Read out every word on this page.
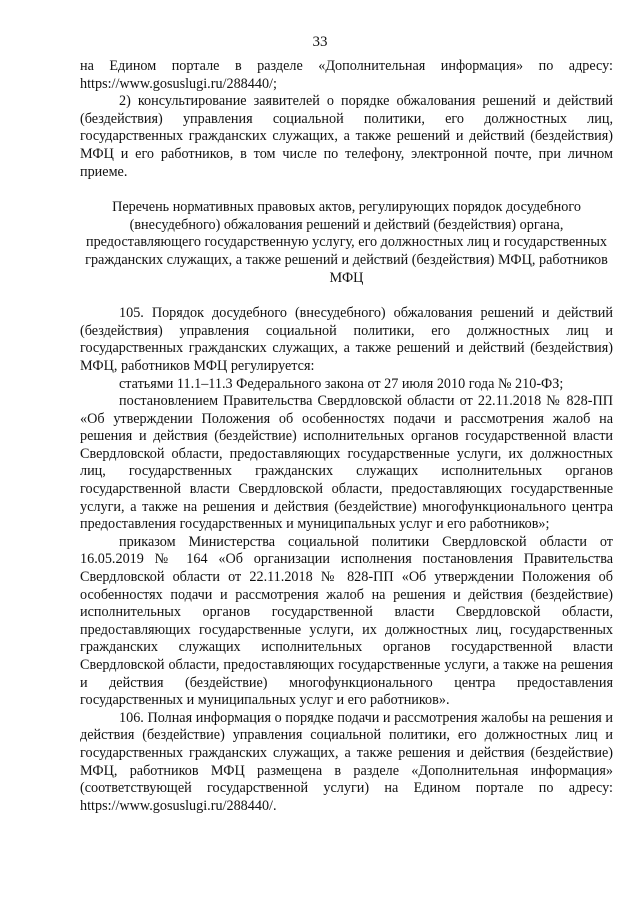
33

на Едином портале в разделе «Дополнительная информация» по адресу: https://www.gosuslugi.ru/288440/;

2) консультирование заявителей о порядке обжалования решений и действий (бездействия) управления социальной политики, его должностных лиц, государственных гражданских служащих, а также решений и действий (бездействия) МФЦ и его работников, в том числе по телефону, электронной почте, при личном приеме.

Перечень нормативных правовых актов, регулирующих порядок досудебного (внесудебного) обжалования решений и действий (бездействия) органа, предоставляющего государственную услугу, его должностных лиц и государственных гражданских служащих, а также решений и действий (бездействия) МФЦ, работников МФЦ

105. Порядок досудебного (внесудебного) обжалования решений и действий (бездействия) управления социальной политики, его должностных лиц и государственных гражданских служащих, а также решений и действий (бездействия) МФЦ, работников МФЦ регулируется:

статьями 11.1–11.3 Федерального закона от 27 июля 2010 года № 210-ФЗ;

постановлением Правительства Свердловской области от 22.11.2018 № 828-ПП «Об утверждении Положения об особенностях подачи и рассмотрения жалоб на решения и действия (бездействие) исполнительных органов государственной власти Свердловской области, предоставляющих государственные услуги, их должностных лиц, государственных гражданских служащих исполнительных органов государственной власти Свердловской области, предоставляющих государственные услуги, а также на решения и действия (бездействие) многофункционального центра предоставления государственных и муниципальных услуг и его работников»;

приказом Министерства социальной политики Свердловской области от 16.05.2019 № 164 «Об организации исполнения постановления Правительства Свердловской области от 22.11.2018 № 828-ПП «Об утверждении Положения об особенностях подачи и рассмотрения жалоб на решения и действия (бездействие) исполнительных органов государственной власти Свердловской области, предоставляющих государственные услуги, их должностных лиц, государственных гражданских служащих исполнительных органов государственной власти Свердловской области, предоставляющих государственные услуги, а также на решения и действия (бездействие) многофункционального центра предоставления государственных и муниципальных услуг и его работников».

106. Полная информация о порядке подачи и рассмотрения жалобы на решения и действия (бездействие) управления социальной политики, его должностных лиц и государственных гражданских служащих, а также решения и действия (бездействие) МФЦ, работников МФЦ размещена в разделе «Дополнительная информация» (соответствующей государственной услуги) на Едином портале по адресу: https://www.gosuslugi.ru/288440/.
